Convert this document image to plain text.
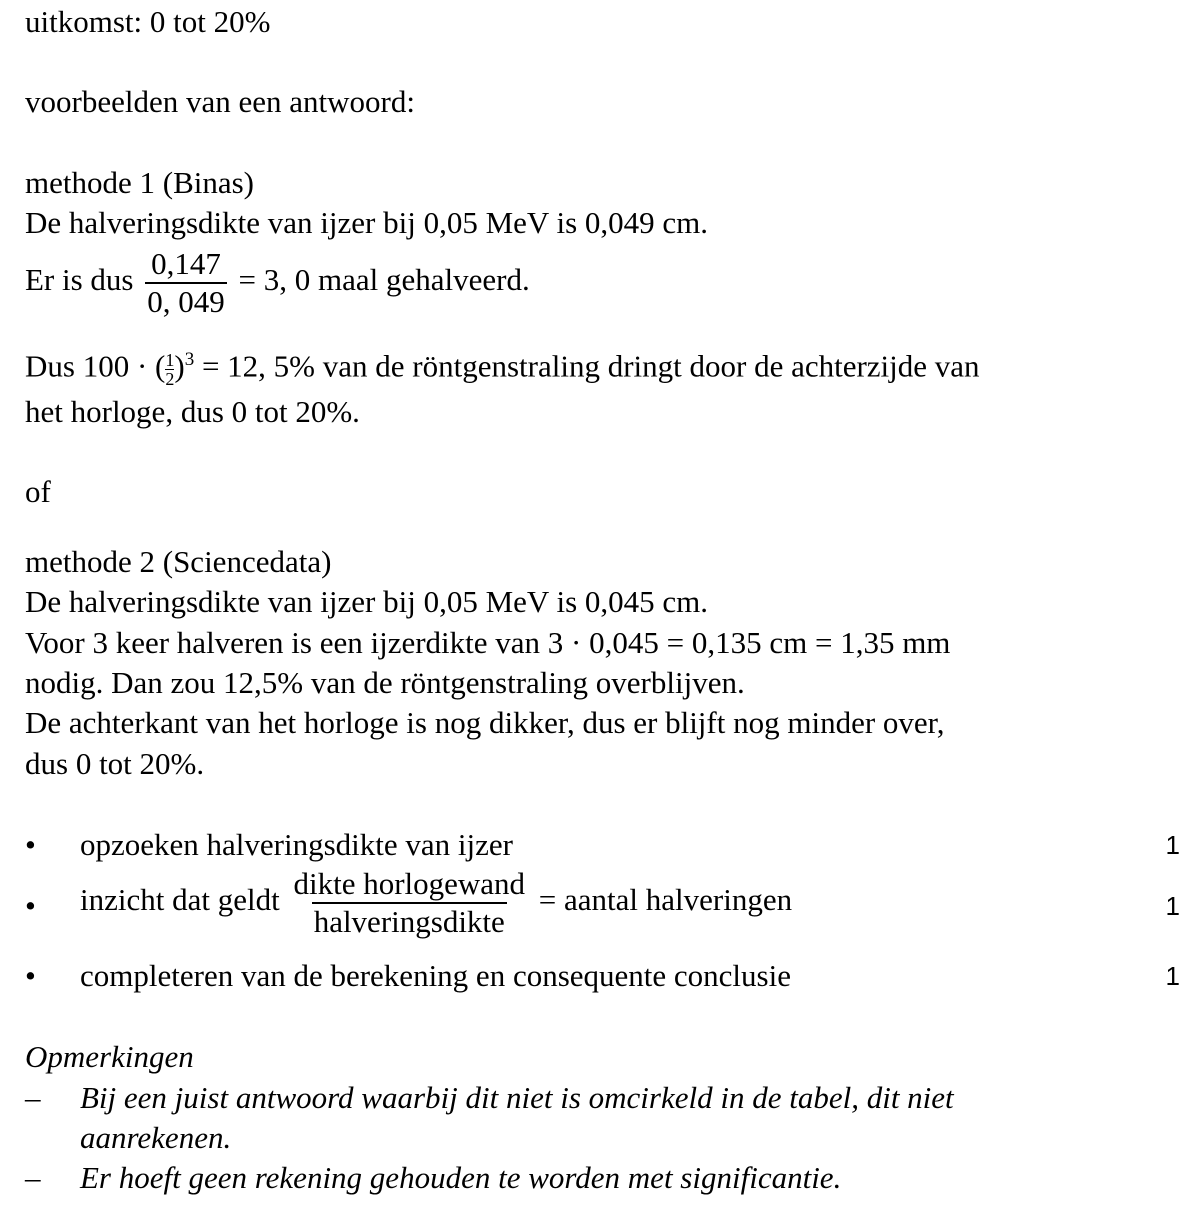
uitkomst: 0 tot 20%
voorbeelden van een antwoord:
methode 1 (Binas)
De halveringsdikte van ijzer bij 0,05 MeV is 0,049 cm.
Er is dus $\frac{0,147}{0, 049} = 3$, 0 maal gehalveerd.
Dus 100 · ( $\frac{1}{2} )^3 = 12$, 5% van de röntgenstraling dringt door de achterzijde van
het horloge, dus 0 tot 20%.
of
methode 2 (Sciencedata)
De halveringsdikte van ijzer bij 0,05 MeV is 0,045 cm.
Voor 3 keer halveren is een ijzerdikte van 3 · 0,045 = 0,135 cm = 1,35 mm
nodig. Dan zou 12,5% van de röntgenstraling overblijven.
De achterkant van het horloge is nog dikker, dus er blijft nog minder over,
dus 0 tot 20%.
• opzoeken halveringsdikte van ijzer	1
• inzicht dat geldt $\frac{\text{dikte horlogewand}}{\text{halveringsdikte}}$ = aantal halveringen	1
• completeren van de berekening en consequente conclusie	1
Opmerkingen
– Bij een juist antwoord waarbij dit niet is omcirkeld in de tabel, dit niet
aanrekenen.
– Er hoeft geen rekening gehouden te worden met significantie.
